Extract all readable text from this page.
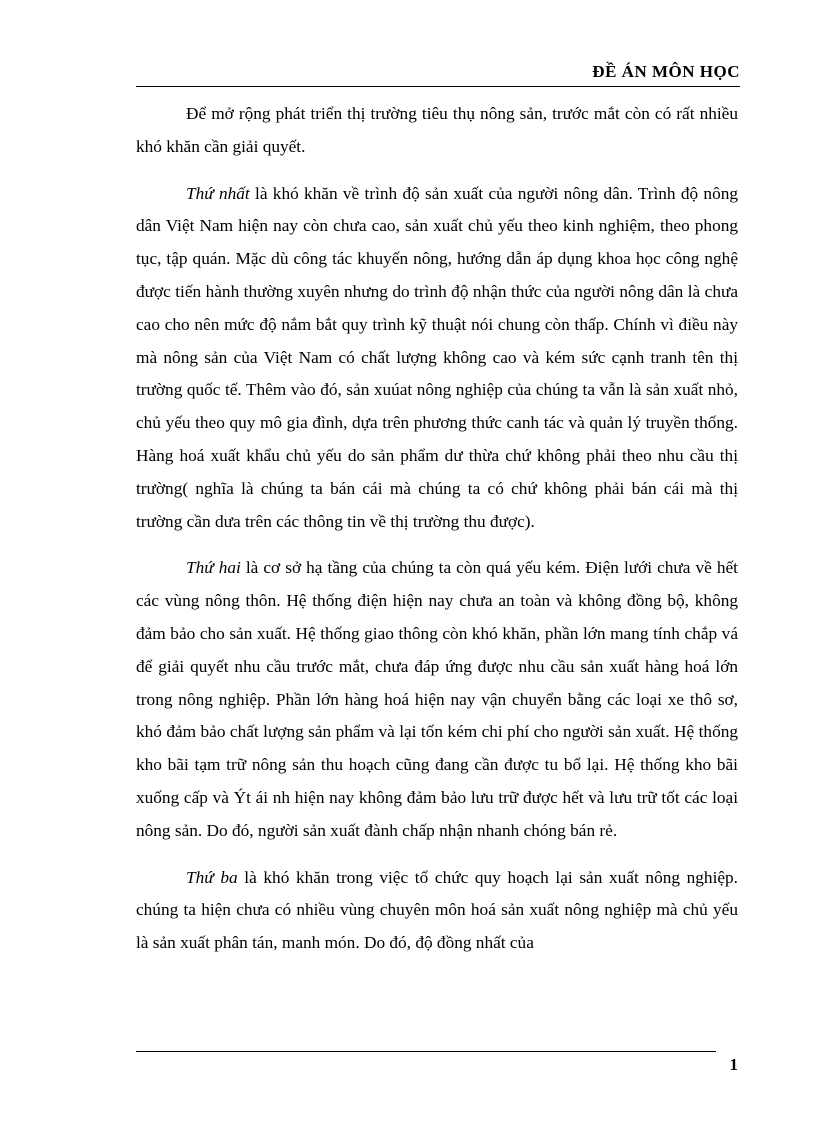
ĐỀ ÁN MÔN HỌC

Để mở rộng phát triển thị trường tiêu thụ nông sản, trước mắt còn có rất nhiều khó khăn cần giải quyết.

Thứ nhất là khó khăn về trình độ sản xuất của người nông dân. Trình độ nông dân Việt Nam hiện nay còn chưa cao, sản xuất chủ yếu theo kinh nghiệm, theo phong tục, tập quán. Mặc dù công tác khuyến nông, hướng dẫn áp dụng khoa học công nghệ được tiến hành thường xuyên nhưng do trình độ nhận thức của người nông dân là chưa cao cho nên mức độ nắm bắt quy trình kỹ thuật nói chung còn thấp. Chính vì điều này mà nông sản của Việt Nam có chất lượng không cao và kém sức cạnh tranh tên thị trường quốc tế. Thêm vào đó, sản xuúat nông nghiệp của chúng ta vẫn là sản xuất nhỏ, chủ yếu theo quy mô gia đình, dựa trên phương thức canh tác và quản lý truyền thống. Hàng hoá xuất khẩu chủ yếu do sản phẩm dư thừa chứ không phải theo nhu cầu thị trường( nghĩa là chúng ta bán cái mà chúng ta có chứ không phải bán cái mà thị trường cần dưa trên các thông tin về thị trường thu được).

Thứ hai là cơ sở hạ tầng của chúng ta còn quá yếu kém. Điện lưới chưa về hết các vùng nông thôn. Hệ thống điện hiện nay chưa an toàn và không đồng bộ, không đảm bảo cho sản xuất. Hệ thống giao thông còn khó khăn, phần lớn mang tính chắp vá để giải quyết nhu cầu trước mắt, chưa đáp ứng được nhu cầu sản xuất hàng hoá lớn trong nông nghiệp. Phần lớn hàng hoá hiện nay vận chuyển bằng các loại xe thô sơ, khó đảm bảo chất lượng sản phẩm và lại tốn kém chi phí cho người sản xuất. Hệ thống kho bãi tạm trữ nông sản thu hoạch cũng đang cần được tu bổ lại. Hệ thống kho bãi xuống cấp và Ýt ái nh hiện nay không đảm bảo lưu trữ được hết và lưu trữ tốt các loại nông sản. Do đó, người sản xuất đành chấp nhận nhanh chóng bán rẻ.

Thứ ba là khó khăn trong việc tổ chức quy hoạch lại sản xuất nông nghiệp. chúng ta hiện chưa có nhiều vùng chuyên môn hoá sản xuất nông nghiệp mà chủ yếu là sản xuất phân tán, manh món. Do đó, độ đồng nhất của

1
